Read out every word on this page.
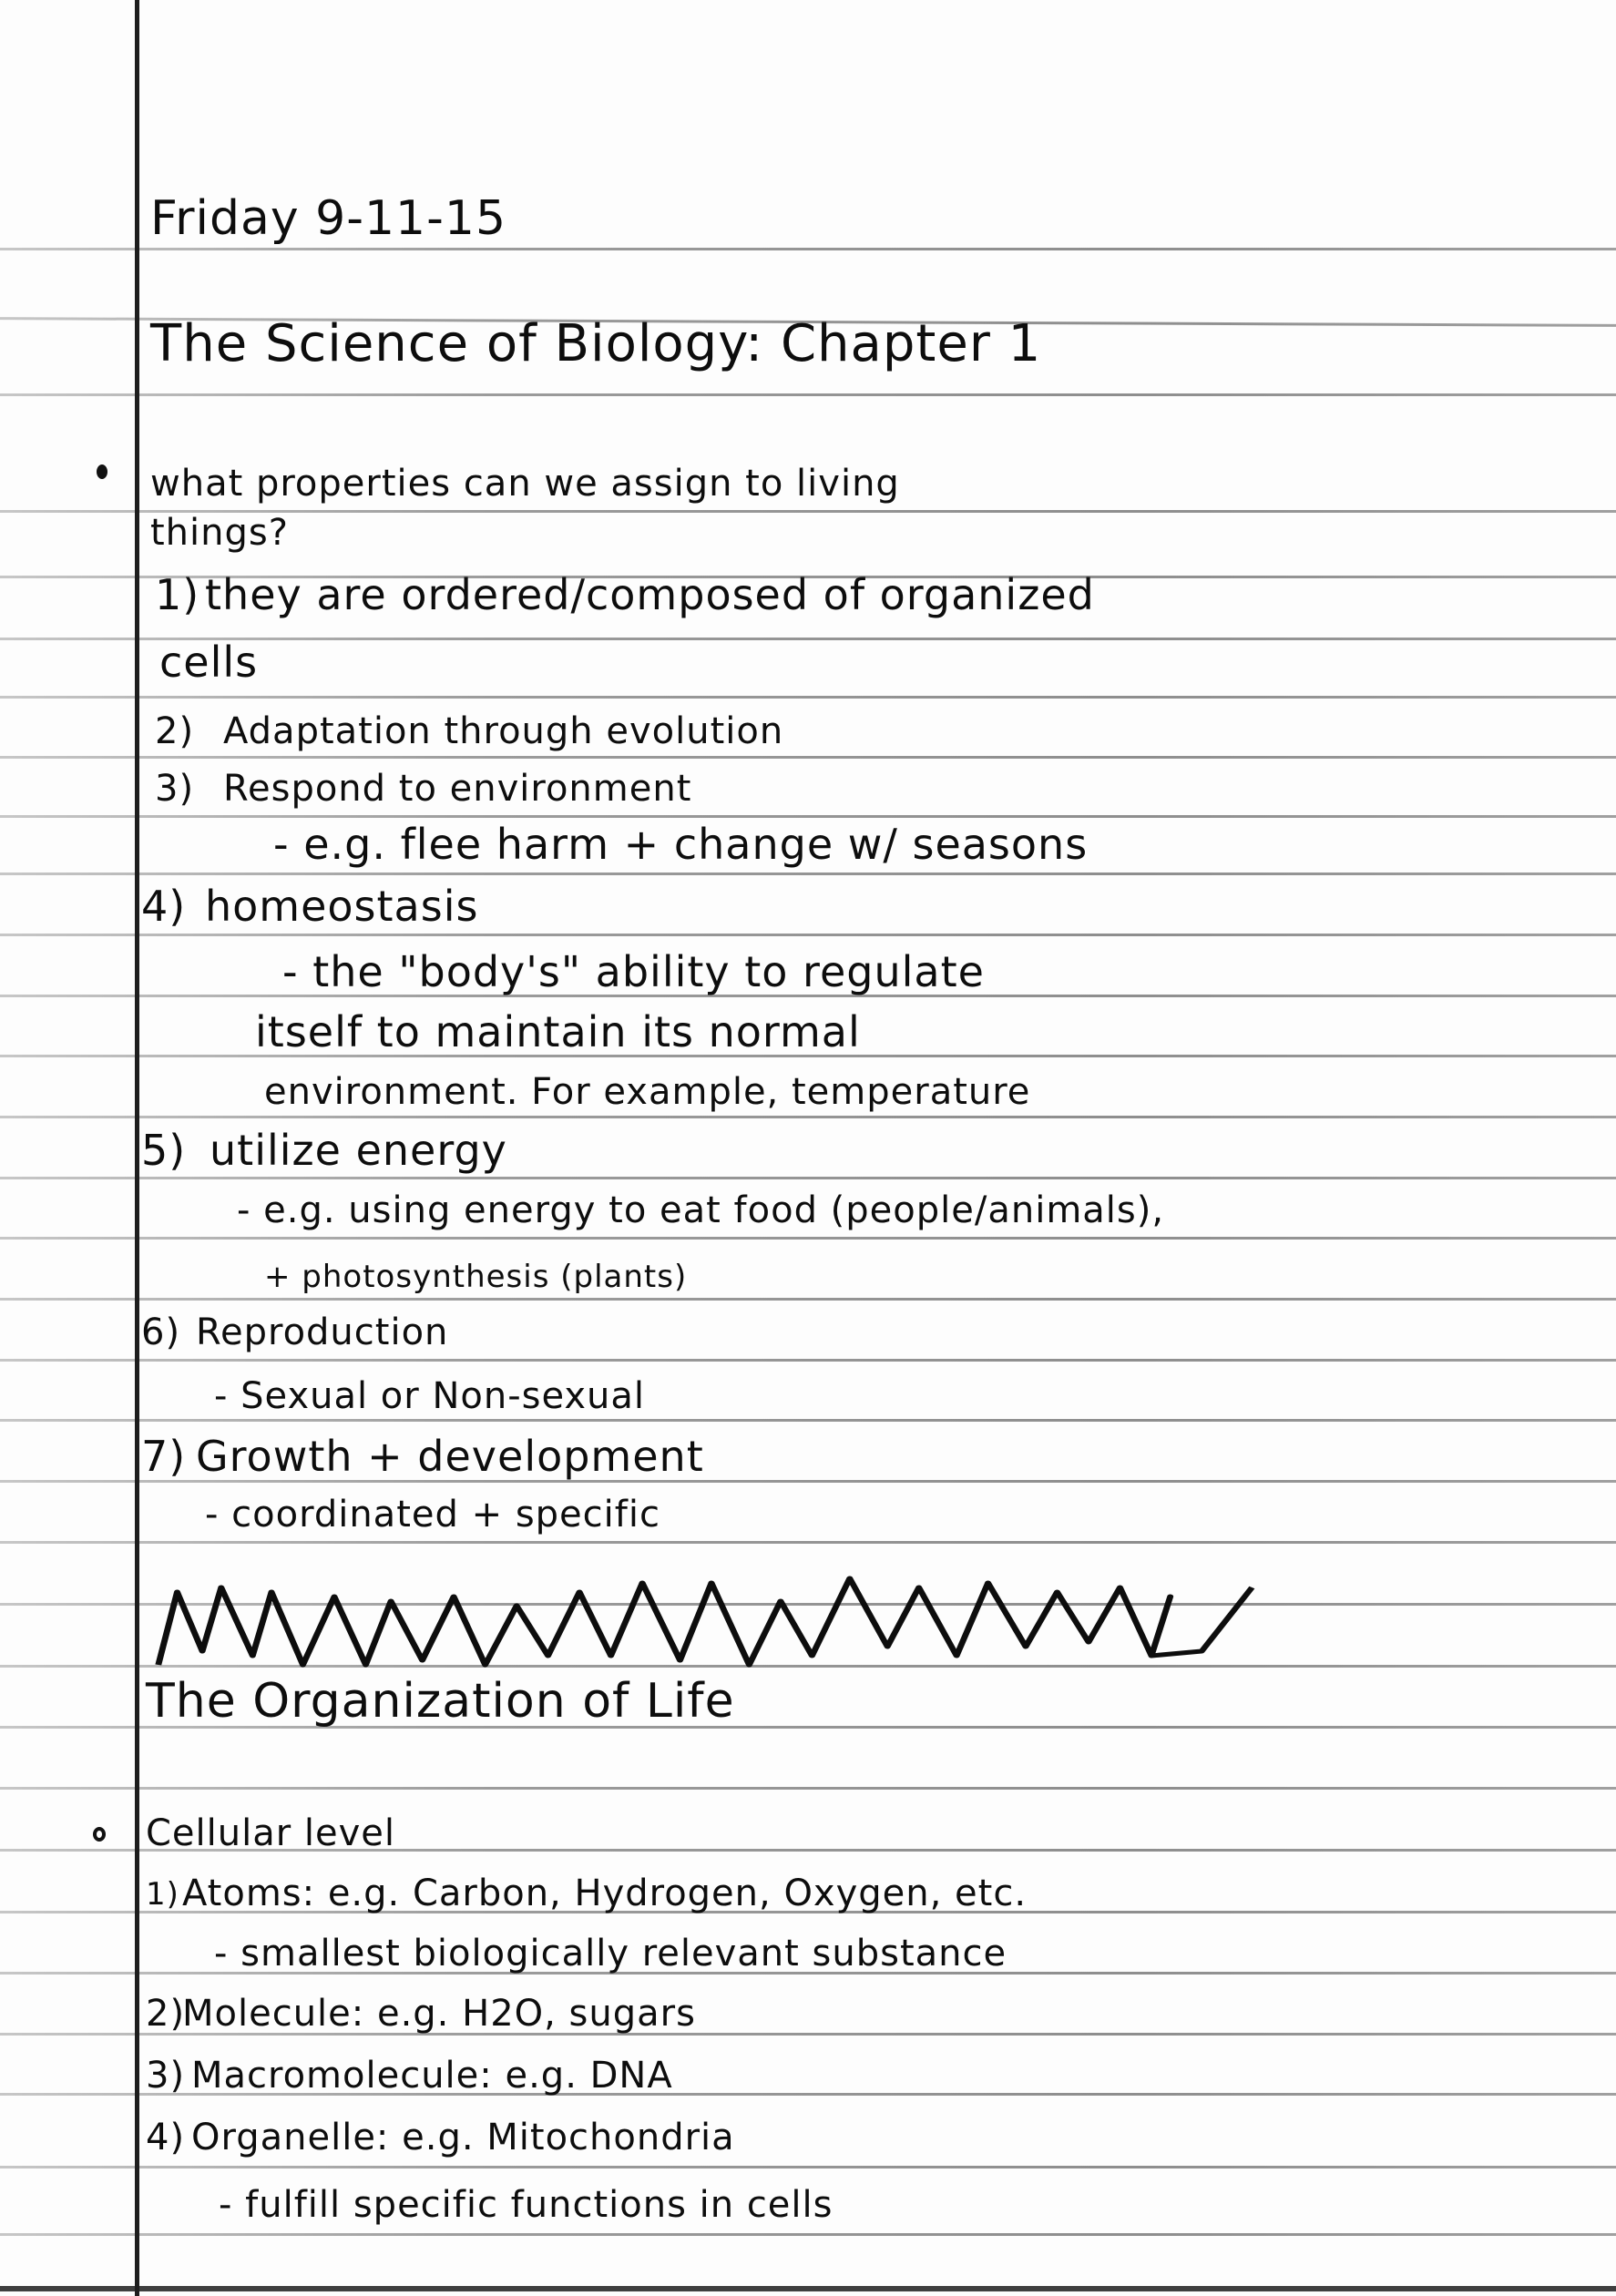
Friday 9-11-15
The Science of Biology: Chapter 1
what properties can we assign to living
things?
1) they are ordered/composed of organized
cells
2) Adaptation through evolution
3) Respond to environment
- e.g. flee harm + change w/ seasons
4) homeostasis
- the "body's" ability to regulate
itself to maintain its normal
environment. For example, temperature
5) utilize energy
- e.g. using energy to eat food (people/animals),
+ photosynthesis (plants)
6) Reproduction
- Sexual or Non-sexual
7) Growth + development
- coordinated + specific
The Organization of Life
Cellular level
1) Atoms: e.g. Carbon, Hydrogen, Oxygen, etc.
- smallest biologically relevant substance
2)
Molecule: e.g. H2O, sugars
3) Macromolecule: e.g. DNA
4) Organelle: e.g. Mitochondria
- fulfill specific functions in cells
